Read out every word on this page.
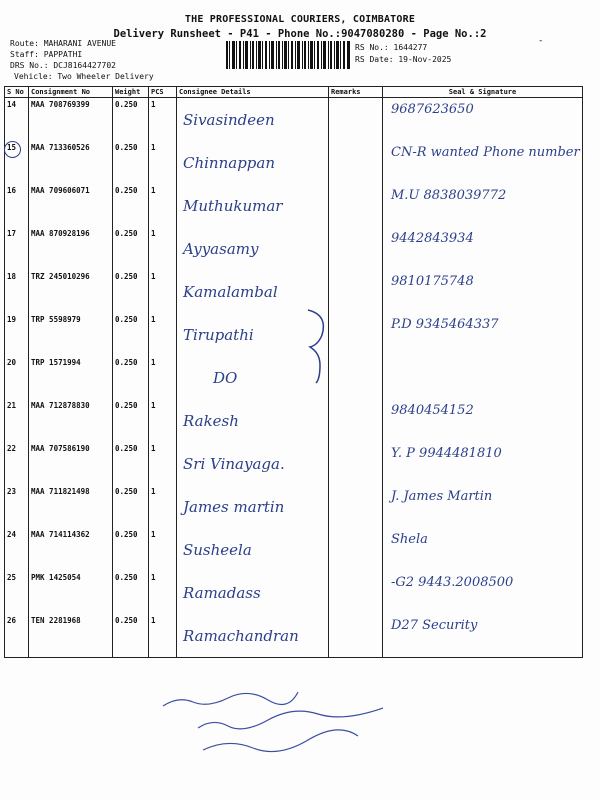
THE PROFESSIONAL COURIERS, COIMBATORE
Delivery Runsheet - P41 - Phone No.:9047080280 - Page No.:2
-
Route: MAHARANI AVENUE
Staff: PAPPATHI
DRS No.: DCJ8164427702
Vehicle: Two Wheeler Delivery
RS No.: 1644277
RS Date: 19-Nov-2025
S No	Consignment No	Weight	PCS	Consignee Details	Remarks	Seal & Signature
14	MAA 708769399	0.250	1	Sivasindeen		9687623650

15	MAA 713360526	0.250	1	Chinnappan		CN-R wanted Phone number

16	MAA 709606071	0.250	1	Muthukumar		M.U 8838039772

17	MAA 870928196	0.250	1	Ayyasamy		9442843934

18	TRZ 245010296	0.250	1	Kamalambal		9810175748

19	TRP 5598979	0.250	1	Tirupathi		P.D 9345464337

20	TRP 1571994	0.250	1	DO		

21	MAA 712878830	0.250	1	Rakesh		9840454152

22	MAA 707586190	0.250	1	Sri Vinayaga.		Y. P 9944481810

23	MAA 711821498	0.250	1	James martin		J. James Martin

24	MAA 714114362	0.250	1	Susheela		Shela

25	PMK 1425054	0.250	1	Ramadass		-G2 9443.2008500

26	TEN 2281968	0.250	1	Ramachandran		D27 Security
